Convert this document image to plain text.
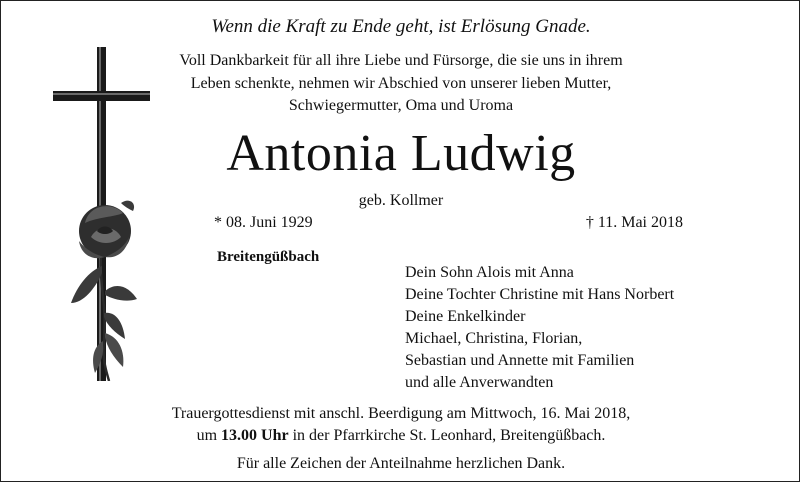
Wenn die Kraft zu Ende geht, ist Erlösung Gnade.
Voll Dankbarkeit für all ihre Liebe und Fürsorge, die sie uns in ihrem
Leben schenkte, nehmen wir Abschied von unserer lieben Mutter,
Schwiegermutter, Oma und Uroma
Antonia Ludwig
geb. Kollmer
* 08. Juni 1929	† 11. Mai 2018
Breitengüßbach
Dein Sohn Alois mit Anna
Deine Tochter Christine mit Hans Norbert
Deine Enkelkinder
Michael, Christina, Florian,
Sebastian und Annette mit Familien
und alle Anverwandten
Trauergottesdienst mit anschl. Beerdigung am Mittwoch, 16. Mai 2018,
um 13.00 Uhr in der Pfarrkirche St. Leonhard, Breitengüßbach.
Für alle Zeichen der Anteilnahme herzlichen Dank.
